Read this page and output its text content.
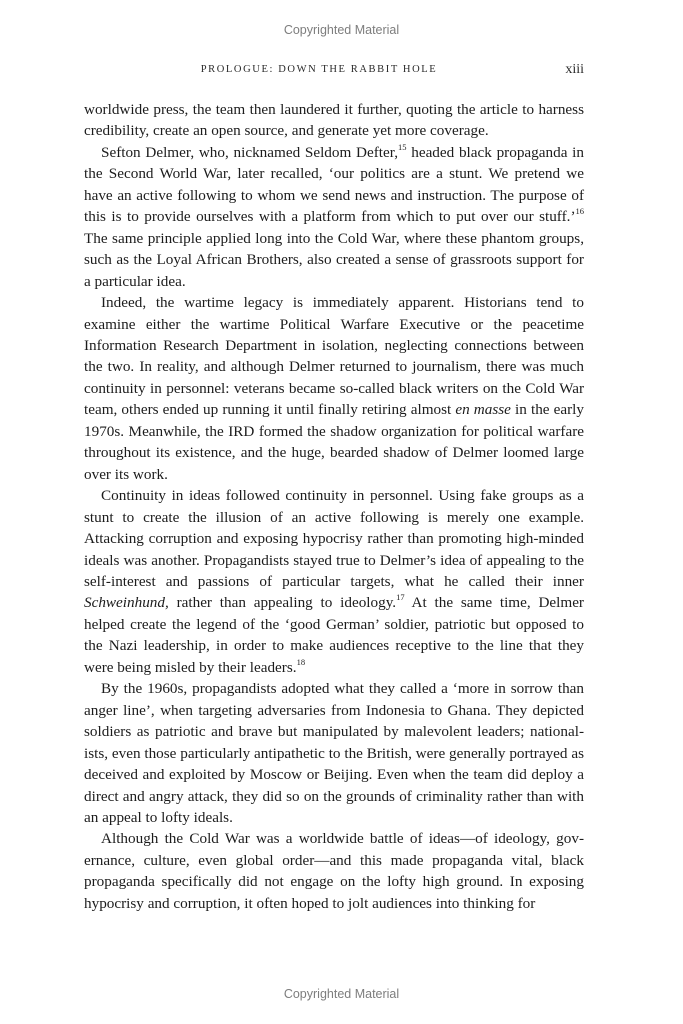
Copyrighted Material
PROLOGUE: DOWN THE RABBIT HOLE	xiii

worldwide press, the team then laundered it further, quoting the article to harness credibility, create an open source, and generate yet more coverage.

Sefton Delmer, who, nicknamed Seldom Defter,$^{15}$ headed black propaganda in the Second World War, later recalled, ‘our politics are a stunt. We pretend we have an active following to whom we send news and instruction. The purpose of this is to provide ourselves with a platform from which to put over our stuff.’$^{16}$ The same principle applied long into the Cold War, where these phantom groups, such as the Loyal African Brothers, also created a sense of grassroots support for a particular idea.

Indeed, the wartime legacy is immediately apparent. Historians tend to examine either the wartime Political Warfare Executive or the peacetime Information Research Department in isolation, neglecting connections between the two. In reality, and although Delmer returned to journalism, there was much continuity in personnel: veterans became so-called black writers on the Cold War team, others ended up running it until finally retiring almost en masse in the early 1970s. Meanwhile, the IRD formed the shadow organization for political warfare throughout its existence, and the huge, bearded shadow of Delmer loomed large over its work.

Continuity in ideas followed continuity in personnel. Using fake groups as a stunt to create the illusion of an active following is merely one example. Attacking corruption and exposing hypocrisy rather than promoting high-​minded ideals was another. Propagandists stayed true to Delmer’s idea of appealing to the self-interest and passions of particular targets, what he called their inner Schweinhund, rather than appealing to ideology.$^{17}$ At the same time, Delmer helped create the legend of the ‘good German’ soldier, patriotic but opposed to the Nazi leadership, in order to make audiences receptive to the line that they were being misled by their leaders.$^{18}$

By the 1960s, propagandists adopted what they called a ‘more in sorrow than anger line’, when targeting adversaries from Indonesia to Ghana. They depicted soldiers as patriotic and brave but manipulated by malevolent leaders; nationalists, even those particularly antipathetic to the British, were generally portrayed as deceived and exploited by Moscow or Beijing. Even when the team did deploy a direct and angry attack, they did so on the grounds of criminality rather than with an appeal to lofty ideals.

Although the Cold War was a worldwide battle of ideas—of ideology, governance, culture, even global order—and this made propaganda vital, black propaganda specifically did not engage on the lofty high ground. In exposing hypocrisy and corruption, it often hoped to jolt audiences into thinking for

Copyrighted Material
